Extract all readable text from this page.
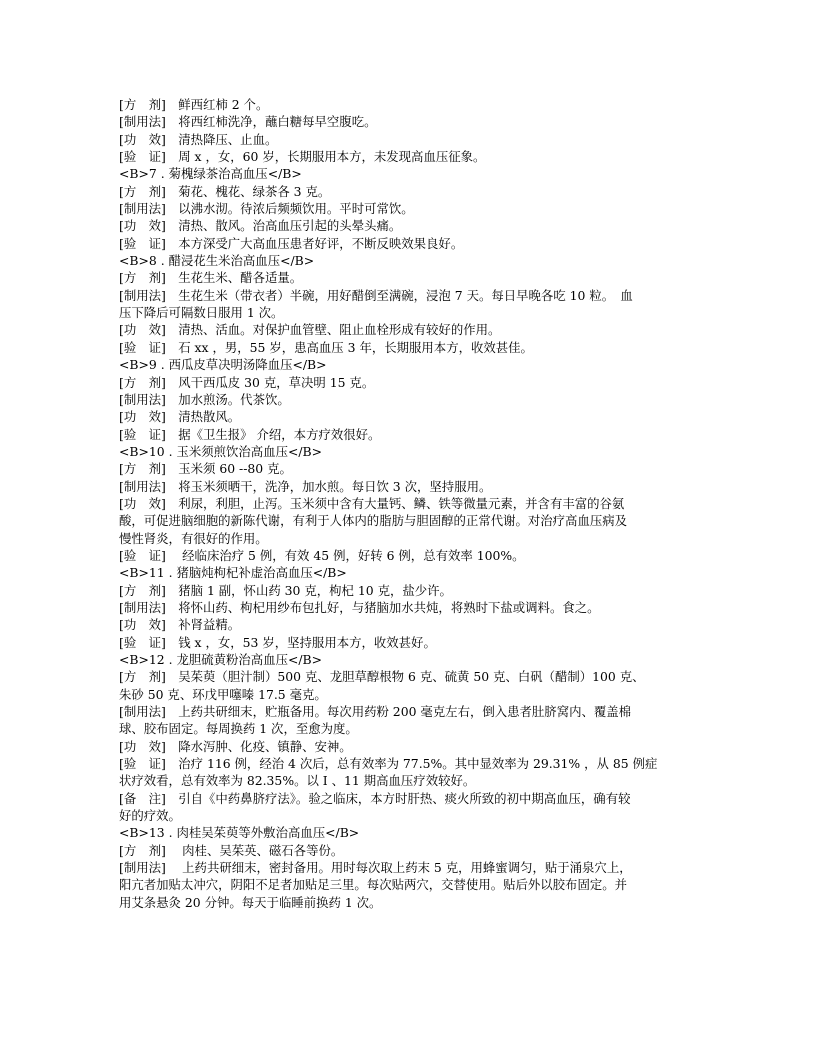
[方　剂]　鲜西红柿 2 个。
[制用法]　将西红柿洗净，蘸白糖每早空腹吃。
[功　效]　清热降压、止血。
[验　证]　周 x ，女，60 岁，长期服用本方，未发现高血压征象。
<B>7 . 菊槐绿茶治高血压</B>
[方　剂]　菊花、槐花、绿茶各 3 克。
[制用法]　以沸水沏。待浓后频频饮用。平时可常饮。
[功　效]　清热、散风。治高血压引起的头晕头痛。
[验　证]　本方深受广大高血压患者好评，不断反映效果良好。
<B>8 . 醋浸花生米治高血压</B>
[方　剂]　生花生米、醋各适量。
[制用法]　生花生米（带衣者）半碗，用好醋倒至满碗，浸泡 7 天。每日早晚各吃 10 粒。　血
压下降后可隔数日服用 1 次。
[功　效]　清热、活血。对保护血管壁、阻止血栓形成有较好的作用。
[验　证]　石 xx ，男，55 岁，患高血压 3 年，长期服用本方，收效甚佳。
<B>9 . 西瓜皮草决明汤降血压</B>
[方　剂]　风干西瓜皮 30 克，草决明 15 克。
[制用法]　加水煎汤。代茶饮。
[功　效]　清热散风。
[验　证]　据《卫生报》 介绍，本方疗效很好。
<B>10 . 玉米须煎饮治高血压</B>
[方　剂]　玉米须 60 --80 克。
[制用法]　将玉米须晒干，洗净，加水煎。每日饮 3 次，坚持服用。
[功　效]　利尿，利胆，止泻。玉米须中含有大量钙、鳞、铁等微量元素，并含有丰富的谷氨
酸，可促进脑细胞的新陈代谢，有利于人体内的脂肪与胆固醇的正常代谢。对治疗高血压病及
慢性肾炎，有很好的作用。
[验　证]　 经临床治疗 5 例，有效 45 例，好转 6 例，总有效率 100%。
<B>11 . 猪脑炖枸杞补虚治高血压</B>
[方　剂]　猪脑 1 副，怀山药 30 克，枸杞 10 克，盐少许。
[制用法]　将怀山药、枸杞用纱布包扎好，与猪脑加水共炖，将熟时下盐或调料。食之。
[功　效]　补肾益精。
[验　证]　钱 x ，女，53 岁，坚持服用本方，收效甚好。
<B>12 . 龙胆硫黄粉治高血压</B>
[方　剂]　吴茱萸（胆汁制）500 克、龙胆草醇根物 6 克、硫黄 50 克、白矾（醋制）100 克、
朱砂 50 克、环戊甲噻嗪 17.5 毫克。
[制用法]　上药共研细末，贮瓶备用。每次用药粉 200 毫克左右，倒入患者肚脐窝内、覆盖棉
球、胶布固定。每周换药 1 次，至愈为度。
[功　效]　降水泻肿、化疫、镇静、安神。
[验　证]　治疗 116 例，经治 4 次后，总有效率为 77.5%。其中显效率为 29.31% ，从 85 例症
状疗效看，总有效率为 82.35%。以 Ⅰ 、11 期高血压疗效较好。
[备　注]　引自《中药鼻脐疗法》。验之临床，本方时肝热、痰火所致的初中期高血压，确有较
好的疗效。
<B>13 . 肉桂吴茱萸等外敷治高血压</B>
[方　剂]　 肉桂、吴茱英、磁石各等份。
[制用法]　 上药共研细末，密封备用。用时每次取上药末 5 克，用蜂蜜调匀，贴于涌泉穴上，
阳亢者加贴太冲穴，阴阳不足者加贴足三里。每次贴两穴，交替使用。贴后外以胶布固定。并
用艾条悬灸 20 分钟。每天于临睡前换药 1 次。
